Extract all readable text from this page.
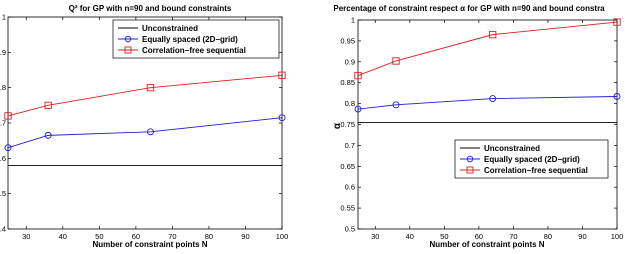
Q² for GP with n=90 and bound constraints
30	40	50	60	70	80	90	100
.4
.5
.6
.7
.8
.9
1
Number of constraint points N
Unconstrained
Equally spaced (2D−grid)
Correlation−free sequential
Percentage of constraint respect α for GP with n=90 and bound constra
30	40	50	60	70	80	90	100
0.5
0.55
0.6
0.65
0.7
0.75
0.8
0.85
0.9
0.95
1
Number of constraint points N
α
Unconstrained
Equally spaced (2D−grid)
Correlation−free sequential
